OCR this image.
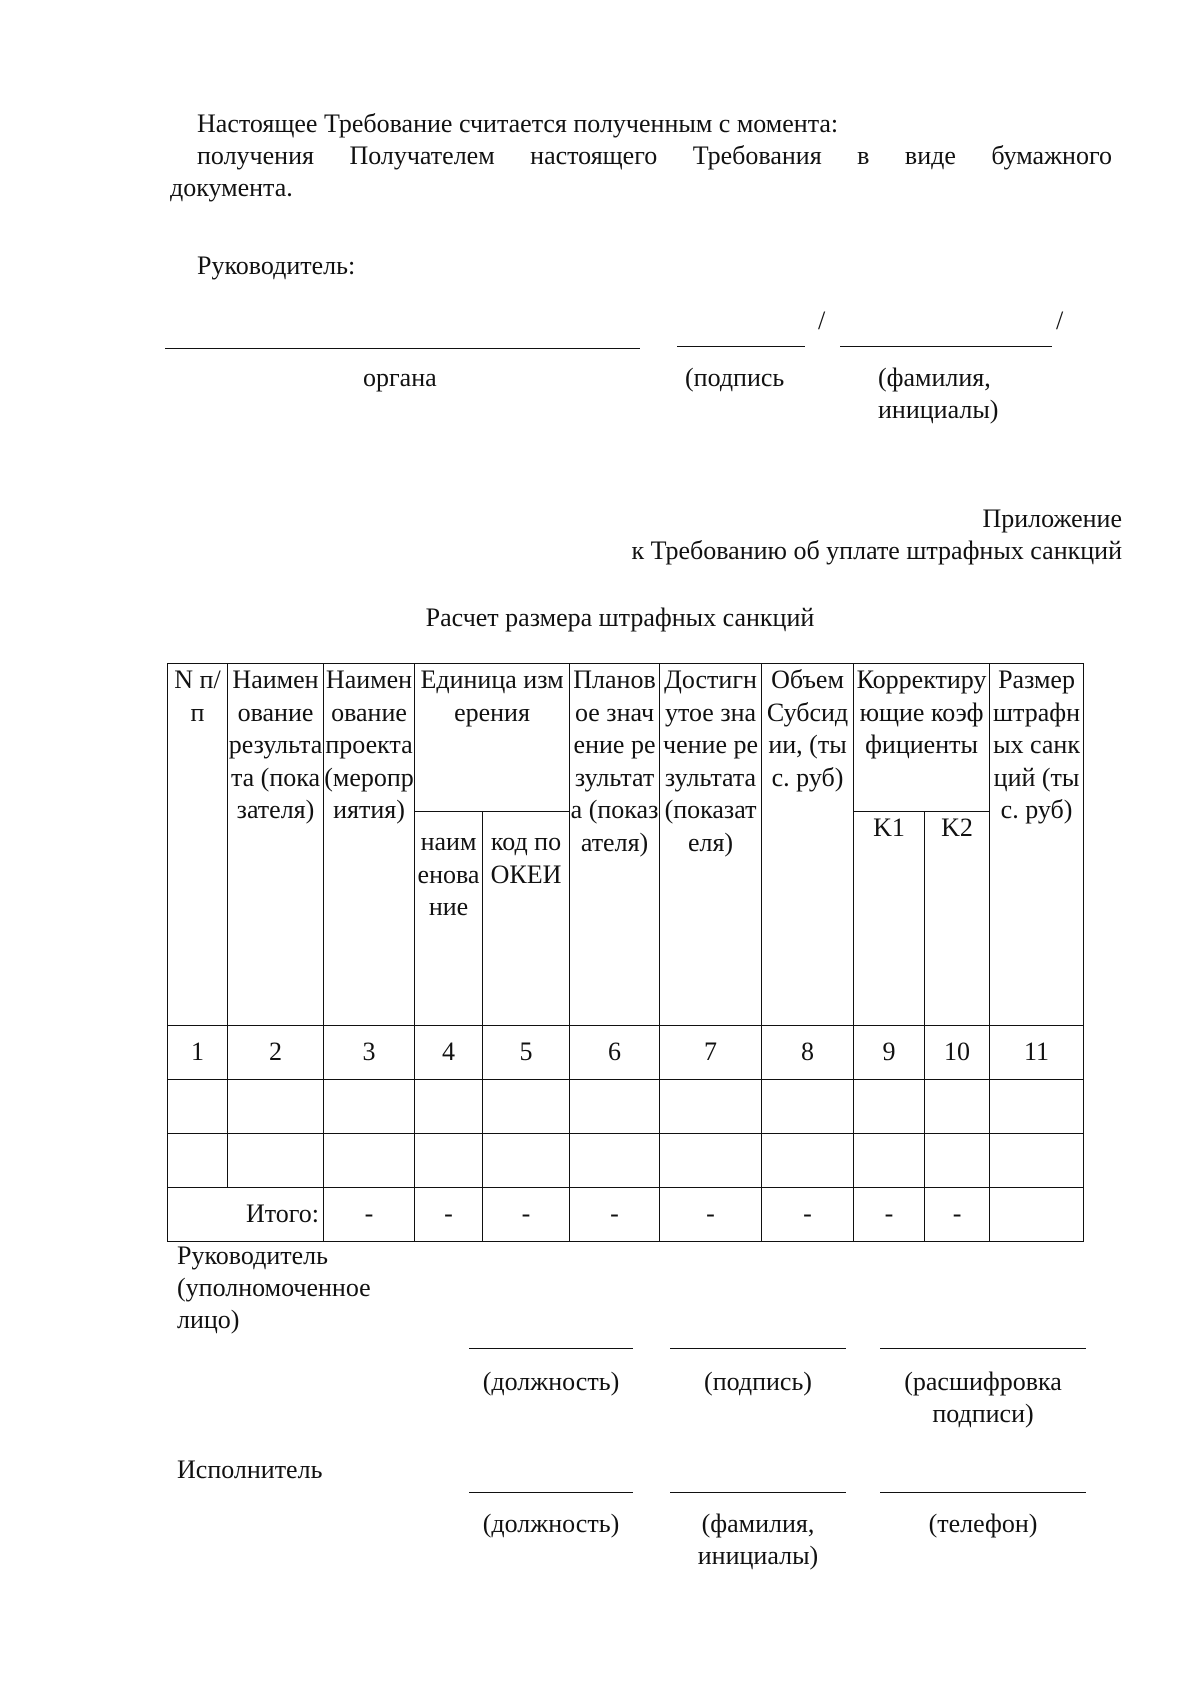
Настоящее Требование считается полученным с момента:

получения Получателем настоящего Требования в виде бумажного

документа.

Руководитель:

/	/
органа	(подпись	(фамилия, инициалы)
Приложение
к Требованию об уплате штрафных санкций
Расчет размера штрафных санкций
N п/п	Наименование результата (показателя)	Наименование проекта (мероприятия)	Единица измерения		Плановое значение результата (показателя)	Достигнутое значение результата (показателя)	Объем Субсидии, (тыс. руб)	Корректирующие коэффициенты		Размер штрафных санкций (тыс. руб)
			наименование	код по ОКЕИ				K1	K2	
1	2	3	4	5	6	7	8	9	10	11

Итого:		-	-	-	-	-	-	-	-	
Руководитель (уполномоченное лицо)
(должность)	(подпись)	(расшифровка подписи)
Исполнитель
(должность)	(фамилия, инициалы)
(телефон)
